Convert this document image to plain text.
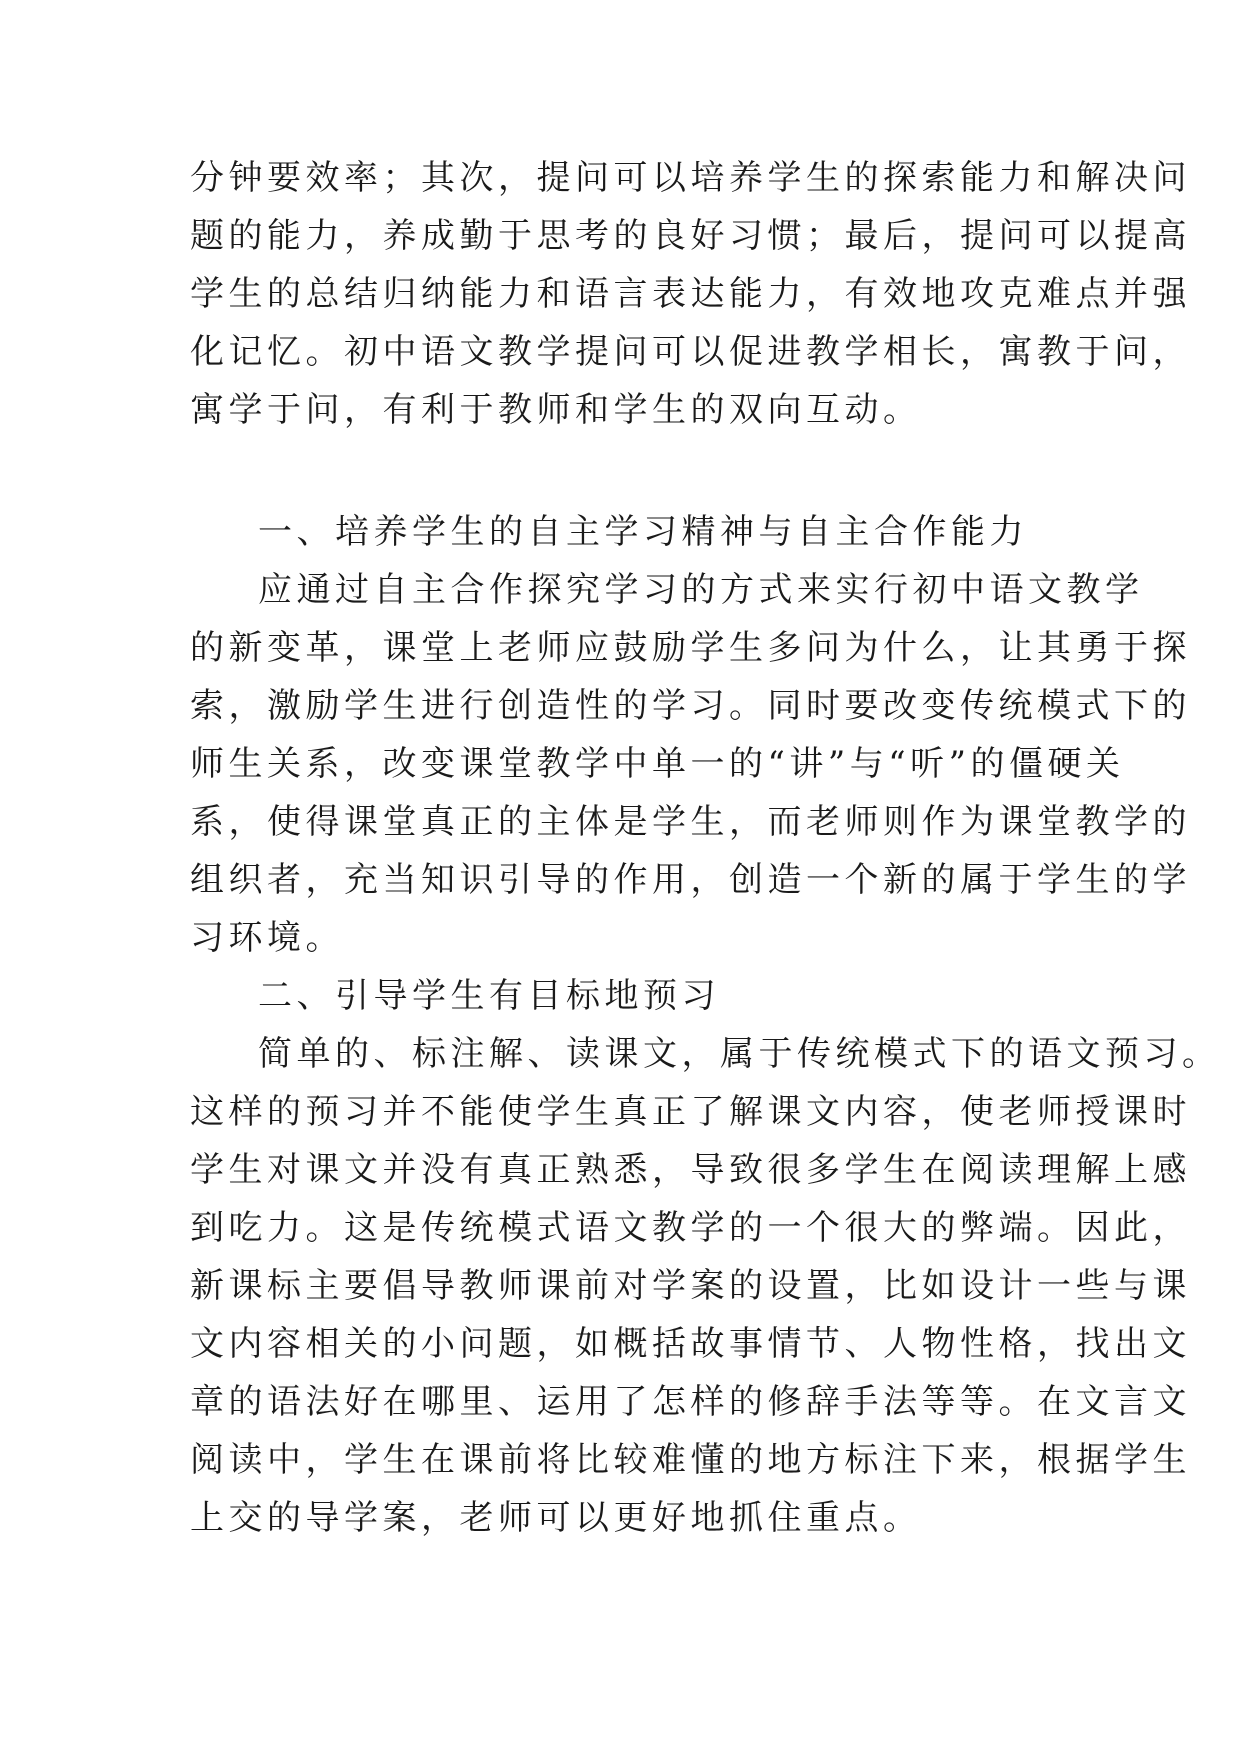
分钟要效率；其次，提问可以培养学生的探索能力和解决问
题的能力，养成勤于思考的良好习惯；最后，提问可以提高
学生的总结归纳能力和语言表达能力，有效地攻克难点并强
化记忆。初中语文教学提问可以促进教学相长，寓教于问，
寓学于问，有利于教师和学生的双向互动。
一、培养学生的自主学习精神与自主合作能力
应通过自主合作探究学习的方式来实行初中语文教学
的新变革，课堂上老师应鼓励学生多问为什么，让其勇于探
索，激励学生进行创造性的学习。同时要改变传统模式下的
师生关系，改变课堂教学中单一的“讲”与“听”的僵硬关
系，使得课堂真正的主体是学生，而老师则作为课堂教学的
组织者，充当知识引导的作用，创造一个新的属于学生的学
习环境。
二、引导学生有目标地预习
简单的、标注解、读课文，属于传统模式下的语文预习。
这样的预习并不能使学生真正了解课文内容，使老师授课时
学生对课文并没有真正熟悉，导致很多学生在阅读理解上感
到吃力。这是传统模式语文教学的一个很大的弊端。因此，
新课标主要倡导教师课前对学案的设置，比如设计一些与课
文内容相关的小问题，如概括故事情节、人物性格，找出文
章的语法好在哪里、运用了怎样的修辞手法等等。在文言文
阅读中，学生在课前将比较难懂的地方标注下来，根据学生
上交的导学案，老师可以更好地抓住重点。
